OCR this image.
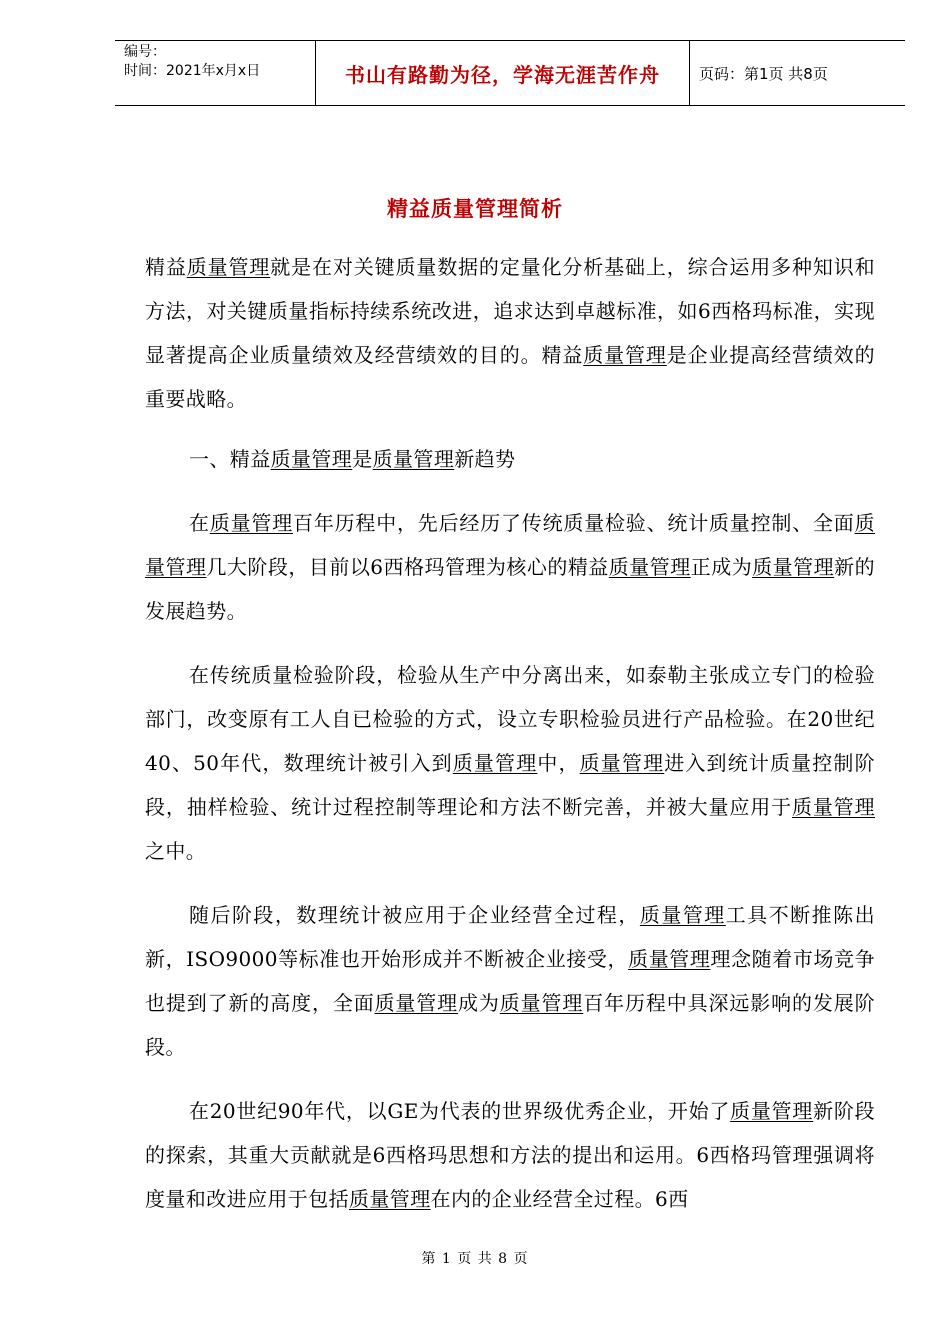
编号：
时间：2021年x月x日	书山有路勤为径，学海无涯苦作舟	页码：第1页 共8页
精益质量管理简析

精益质量管理就是在对关键质量数据的定量化分析基础上，综合运用多种知识和方法，对关键质量指标持续系统改进，追求达到卓越标准，如6西格玛标准，实现显著提高企业质量绩效及经营绩效的目的。精益质量管理是企业提高经营绩效的重要战略。

一、精益质量管理是质量管理新趋势

在质量管理百年历程中，先后经历了传统质量检验、统计质量控制、全面质量管理几大阶段，目前以6西格玛管理为核心的精益质量管理正成为质量管理新的发展趋势。

在传统质量检验阶段，检验从生产中分离出来，如泰勒主张成立专门的检验部门，改变原有工人自已检验的方式，设立专职检验员进行产品检验。在20世纪40、50年代，数理统计被引入到质量管理中，质量管理进入到统计质量控制阶段，抽样检验、统计过程控制等理论和方法不断完善，并被大量应用于质量管理之中。

随后阶段，数理统计被应用于企业经营全过程，质量管理工具不断推陈出新，ISO9000等标准也开始形成并不断被企业接受，质量管理理念随着市场竞争也提到了新的高度，全面质量管理成为质量管理百年历程中具深远影响的发展阶段。

在20世纪90年代，以GE为代表的世界级优秀企业，开始了质量管理新阶段的探索，其重大贡献就是6西格玛思想和方法的提出和运用。6西格玛管理强调将度量和改进应用于包括质量管理在内的企业经营全过程。6西

第 1 页 共 8 页
